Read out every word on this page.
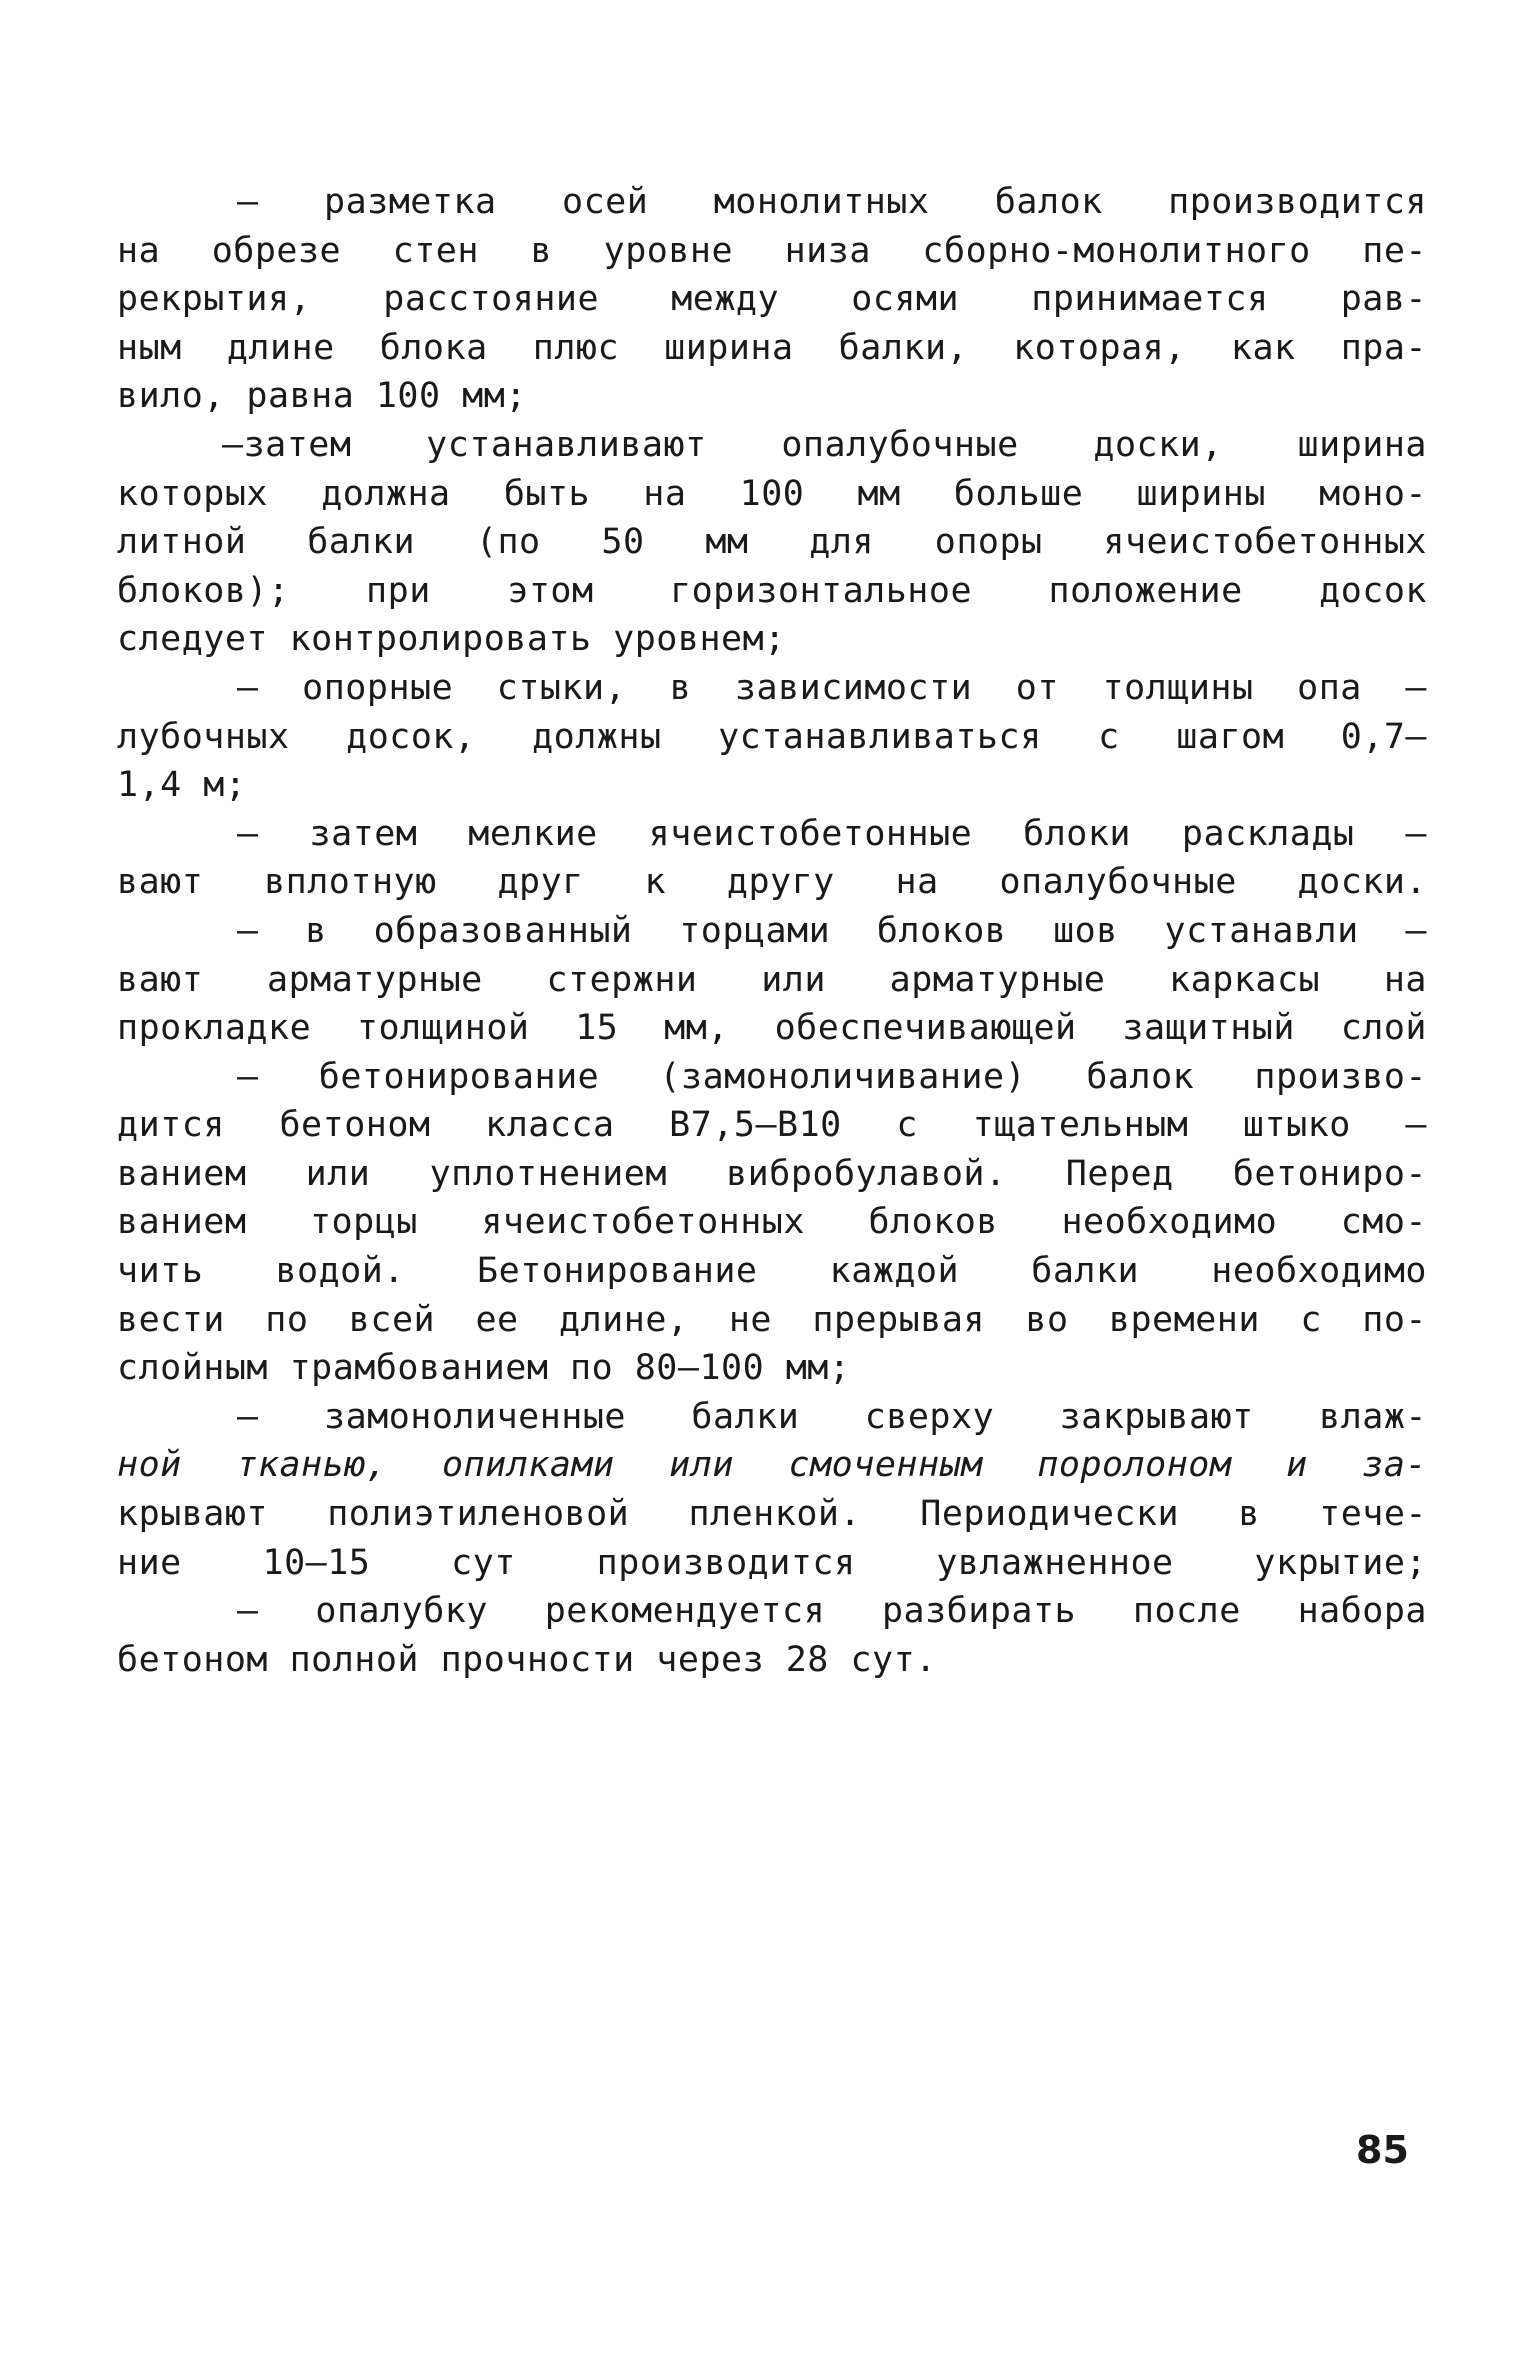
– разметка осей монолитных балок производится
на обрезе стен в уровне низа сборно-монолитного пе-
рекрытия, расстояние между осями принимается рав-
ным длине блока плюс ширина балки, которая, как пра-
вило, равна 100 мм;
–затем устанавливают опалубочные доски, ширина
которых должна быть на 100 мм больше ширины моно-
литной балки (по 50 мм для опоры ячеистобетонных
блоков); при этом горизонтальное положение досок
следует контролировать уровнем;
– опорные стыки, в зависимости от толщины опа –
лубочных досок, должны устанавливаться с шагом 0,7–
1,4 м;
– затем мелкие ячеистобетонные блоки расклады –
вают вплотную друг к другу на опалубочные доски.
– в образованный торцами блоков шов устанавли –
вают арматурные стержни или арматурные каркасы на
прокладке толщиной 15 мм, обеспечивающей защитный слой
– бетонирование (замоноличивание) балок произво-
дится бетоном класса В7,5–В10 с тщательным штыко –
ванием или уплотнением вибробулавой. Перед бетониро-
ванием торцы ячеистобетонных блоков необходимо смо-
чить водой. Бетонирование каждой балки необходимо
вести по всей ее длине, не прерывая во времени с по-
слойным трамбованием по 80–100 мм;
– замоноличенные балки сверху закрывают влаж-
ной тканью, опилками или смоченным поролоном и за-
крывают полиэтиленовой пленкой. Периодически в тече-
ние 10–15 сут производится увлажненное укрытие;
– опалубку рекомендуется разбирать после набора
бетоном полной прочности через 28 сут.
85
